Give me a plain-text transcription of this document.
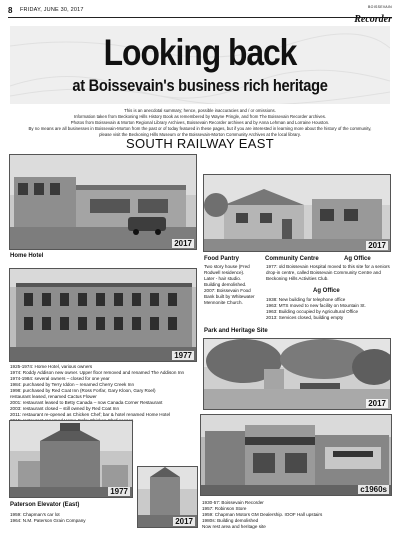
8 FRIDAY, JUNE 30, 2017	BOISSEVAIN
Recorder
Looking back
at Boissevain's business rich heritage

This is an anecdotal summary; hence, possible inaccuracies and / or omissions.

Information taken from Beckoning Hills History Book as remembered by Wayne Pringle, and from The Boissevain Recorder archives.

Photos from Boissevain & Morton Regional Library Archives, Boissevain Recorder archives and by Anna Lehman and Lorraine Houston.

By no means are all businesses in Boissevain-Morton from the past or of today featured in these pages, but if you are interested in learning more about the history of the community, please visit the Beckoning Hills Museum or the Boissevain-Morton Community Archives at the local library.

SOUTH RAILWAY EAST
2017
Home Hotel
2017
Food Pantry	Community Centre	Ag Office
Two story house (Fred
Rodwell residence).
Later - hair studio.
Building demolished.
2007: Boissevain Food
Bank built by Whitewater
Mennonite Church.
1977: old Boissevain Hospital moved to this site for a seniors drop-in centre, called Boissevain Community Centre and Beckoning Hills Activities Club.
Ag Office
1938: New building for telephone office
1963: MTS moved to new facility on Mountain St.
1963: Building occupied by Agricultural Office
2013: Services closed, building empty
1977
Park and Heritage Site
2017
1925-1974: Home Hotel, various owners
1974: Roddy Addison new owner. Upper floor removed and renamed The Addison Inn
1974-1984: several owners – closed for one year
1984: purchased by Terry Iddon – renamed Cherry Creek Inn
1998: purchased by Red Coat Inn (Ross Forfar, Gary Kloon, Gary Roel)
restaurant leased, renamed Cactus Flower
2001: restaurant leased to Betty Canada – now Canada Corner Restaurant
2003: restaurant closed – still owned by Red Coat Inn
2011: restaurant re-opened as Chicken Chef; bar & hotel renamed Home Hotel
c1960s
1977
2017
Paterson Elevator (East)
1959: Chapman's car lot
1964: N.M. Paterson Grain Company
1930-57: Boissevain Recorder
1957: Robinson Store
1959: Chapman Motors GM Dealership. IOOF Hall upstairs
1980s: Building demolished
Now rest area and heritage site
